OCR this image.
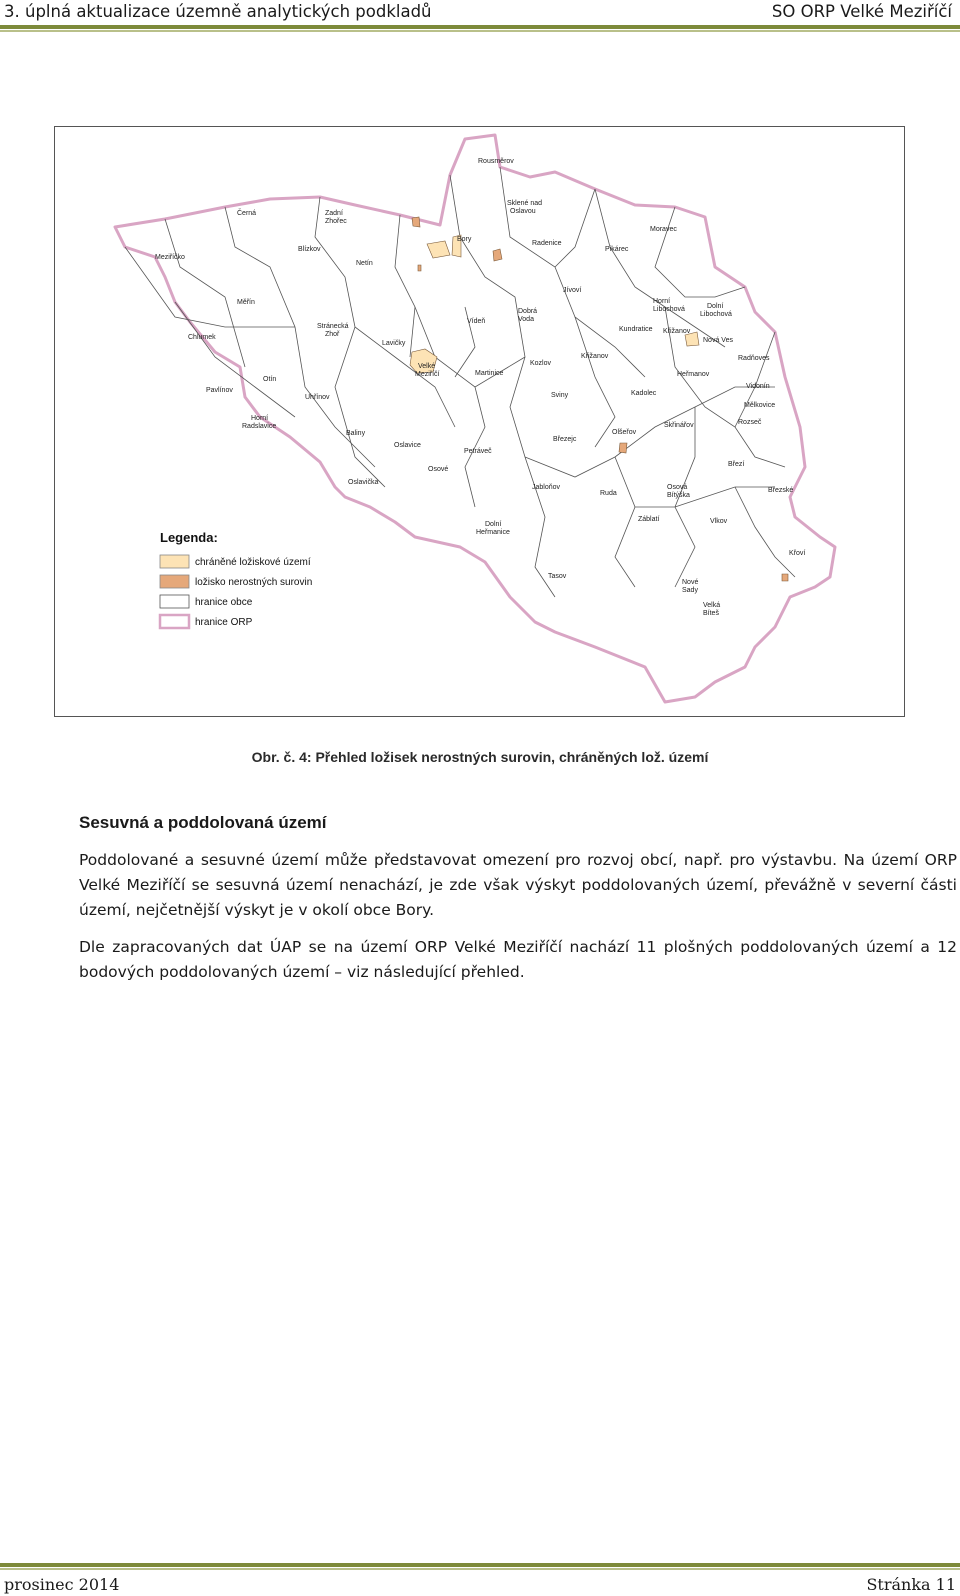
3. úplná aktualizace územně analytických podkladů	SO ORP Velké Meziříčí
Rousměrov
Sklené nad
Oslavou
Moravec
Černá	Zadní
Zhořec
Bory
Radenice
Pikárec
Meziříčko
Blízkov
Netín
Jívoví
Horní
Libochová	Dolní
Libochová
Měřín
Stránecká
Zhoř
Vídeň
Dobrá
Voda
Kundratice Křižanov
Nová Ves
Chlumek
Lavičky
Velké
Meziříčí	Martinice
Kozlov
Křižanov
Heřmanov
Radňoves
Otín
Uhřínov	Sviny	Kadolec
Vidonín
Pavlínov
Horní
Radslavice
Baliny
Oslavice
Březejc
Olšeřov
Skřinářov
Mělkovice
Rozseč
Petráveč
Březí
Osové
Oslavička
Jabloňov
Ruda
Osová
Bítýška
Březské
Dolní
Heřmanice
Záblatí	Vlkov
Křoví
Tasov
Nové
Sady
Velká
Bíteš
Legenda:
chráněné ložiskové území
ložisko nerostných surovin
hranice obce
hranice ORP
Obr. č. 4: Přehled ložisek nerostných surovin, chráněných lož. území
Sesuvná a poddolovaná území
Poddolované a sesuvné území může představovat omezení pro rozvoj obcí, např. pro výstavbu. Na území ORP Velké Meziříčí se sesuvná území nenachází, je zde však výskyt poddolovaných území, převážně v severní části území, nejčetnější výskyt je v okolí obce Bory.
Dle zapracovaných dat ÚAP se na území ORP Velké Meziříčí nachází 11 plošných poddolovaných území a 12 bodových poddolovaných území – viz následující přehled.
prosinec 2014	Stránka 11
